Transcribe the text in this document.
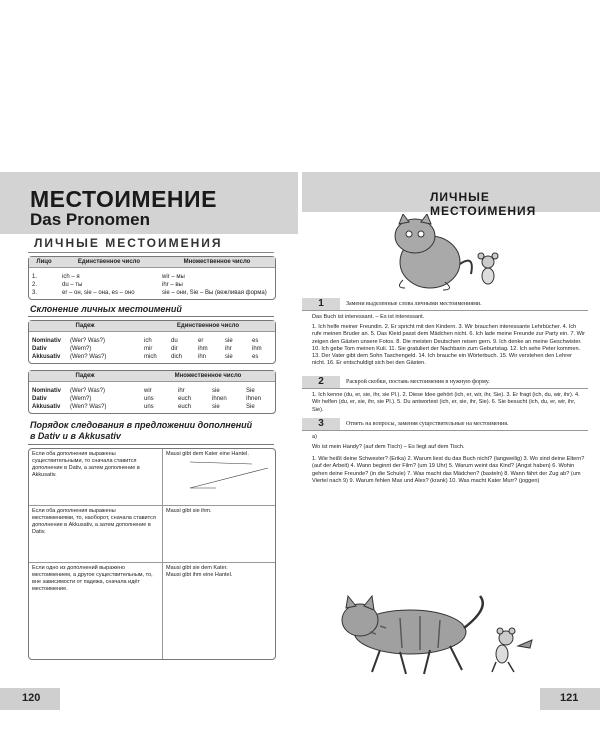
МЕСТОИМЕНИЕ
Das Pronomen
ЛИЧНЫЕ МЕСТОИМЕНИЯ
Лицо	Единственное число	Множественное число
1.	ich – я	wir – мы
2.	du – ты	ihr – вы
3.	er – он, sie – она, es – оно	sie – они, Sie – Вы (вежливая форма)
Склонение личных местоимений
Падеж	Единственное число
Nominativ	(Wer? Was?)	ich	du	er	sie	es
Dativ	(Wem?)	mir	dir	ihm	ihr	ihm
Akkusativ	(Wen? Was?)	mich	dich	ihn	sie	es
Падеж	Множественное число
Nominativ	(Wer? Was?)	wir	ihr	sie	Sie
Dativ	(Wem?)	uns	euch	ihnen	Ihnen
Akkusativ	(Wen? Was?)	uns	euch	sie	Sie
Порядок следования в предложении дополнений
в Dativ и в Akkusativ
Если оба дополнения выражены существительными, то сначала ставится дополнение в Dativ, а затем дополнение в Akkusativ.
Mausi gibt dem Kater eine Hantel.
Если оба дополнения выражены местоимениями, то, наоборот, сначала ставится дополнение в Akkusativ, а затем дополнение в Dativ.
Mausi gibt sie ihm.
Если одно из дополнений выражено местоимением, а другое существительным, то, вне зависимости от падежа, сначала идёт местоимение.
Mausi gibt sie dem Kater.
Mausi gibt ihm eine Hantel.
120
ЛИЧНЫЕ МЕСТОИМЕНИЯ
1	Замени выделенные слова личными местоимениями.
Das Buch ist interessant. – Es ist interessant.
1. Ich helfe meiner Freundin. 2. Er spricht mit den Kindern. 3. Wir brauchen interessante Lehrbücher. 4. Ich rufe meinen Bruder an. 5. Das Kleid passt dem Mädchen nicht. 6. Ich lade meine Freunde zur Party ein. 7. Wir zeigen den Gästen unsere Fotos. 8. Die meisten Deutschen reisen gern. 9. Ich denke an meine Geschwister. 10. Ich gebe Tom meinen Kuli. 11. Sie gratuliert der Nachbarin zum Geburtstag. 12. Ich sehe Peter kommen. 13. Der Vater gibt dem Sohn Taschengeld. 14. Ich brauche ein Wörterbuch. 15. Wir verstehen den Lehrer nicht. 16. Er entschuldigt sich bei den Gästen.
2	Раскрой скобки, поставь местоимения в нужную форму.
1. Ich kenne (du, er, sie, ihr, sie Pl.). 2. Diese Idee gehört (ich, er, wir, ihr, Sie). 3. Er fragt (ich, du, wir, ihr). 4. Wir helfen (du, er, sie, ihr, sie Pl.). 5. Du antwortest (ich, er, sie, ihr, Sie). 6. Sie besucht (ich, du, er, wir, ihr, Sie).
3	Ответь на вопросы, заменяя существительные на местоимения.
a)
Wo ist mein Handy? (auf dem Tisch) – Es liegt auf dem Tisch.
1. Wie heißt deine Schwester? (Erika) 2. Warum liest du das Buch nicht? (langweilig) 3. Wo sind deine Eltern? (auf der Arbeit) 4. Wann beginnt der Film? (um 19 Uhr) 5. Warum weint das Kind? (Angst haben) 6. Wohin gehen deine Freunde? (in die Schule) 7. Was macht das Mädchen? (basteln) 8. Wann fährt der Zug ab? (um Viertel nach 9) 9. Warum fehlen Max und Alex? (krank) 10. Was macht Kater Murr? (joggen)
121
